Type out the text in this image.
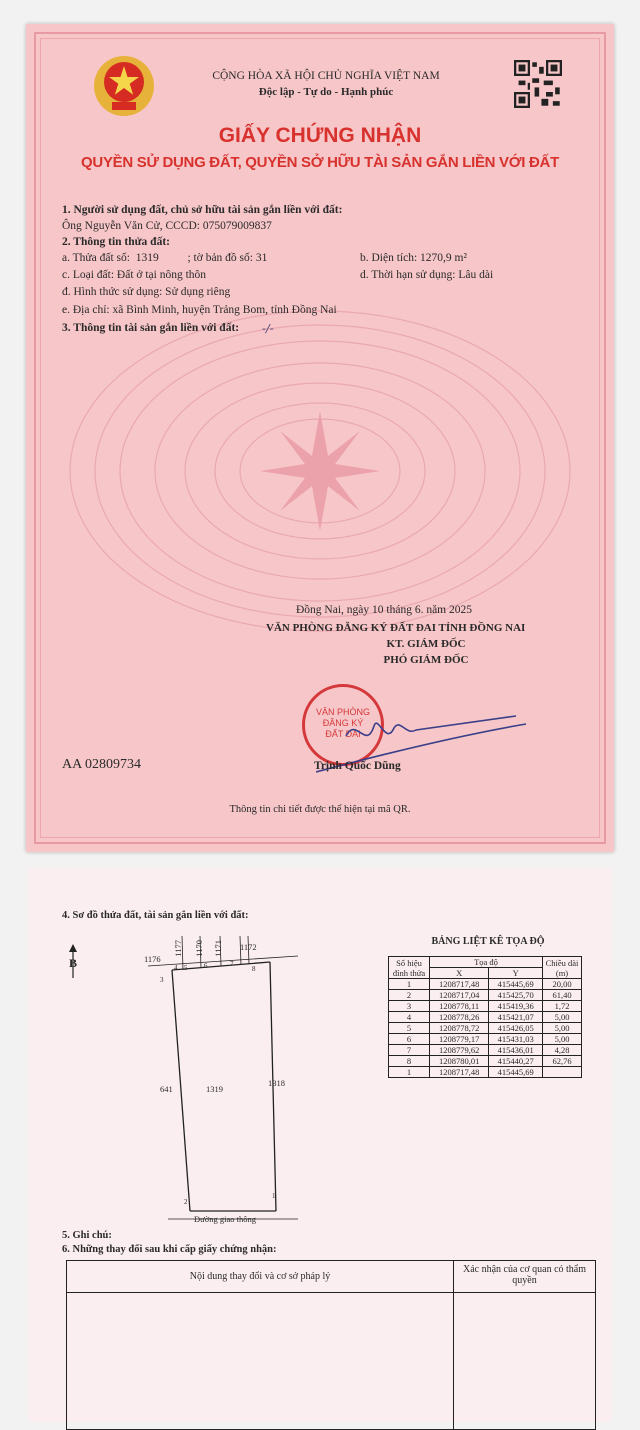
CỘNG HÒA XÃ HỘI CHỦ NGHĨA VIỆT NAM
Độc lập - Tự do - Hạnh phúc
GIẤY CHỨNG NHẬN
QUYỀN SỬ DỤNG ĐẤT, QUYỀN SỞ HỮU TÀI SẢN GẮN LIỀN VỚI ĐẤT
1. Người sử dụng đất, chủ sở hữu tài sản gắn liền với đất:
Ông Nguyễn Văn Cử, CCCD: 075079009837
2. Thông tin thửa đất:
a. Thửa đất số:  1319          ; tờ bản đồ số: 31	b. Diện tích: 1270,9 m²
c. Loại đất: Đất ở tại nông thôn	d. Thời hạn sử dụng: Lâu dài
đ. Hình thức sử dụng: Sử dụng riêng
e. Địa chỉ: xã Bình Minh, huyện Trảng Bom, tỉnh Đồng Nai
3. Thông tin tài sản gắn liền với đất: -/-
Đồng Nai, ngày 10 tháng 6. năm 2025
VĂN PHÒNG ĐĂNG KÝ ĐẤT ĐAI TỈNH ĐỒNG NAI
KT. GIÁM ĐỐC
PHÓ GIÁM ĐỐC
VĂN PHÒNG ĐĂNG KÝ ĐẤT ĐAI
Trịnh Quốc Dũng
AA 02809734
Thông tin chi tiết được thể hiện tại mã QR.
4. Sơ đồ thửa đất, tài sản gắn liền với đất:
B	1176
1177 1170 1171 1172
641	1319
1318
Đường giao thông
1
2
3
4 5 6	7
8
BẢNG LIỆT KÊ TỌA ĐỘ
Số hiệu đỉnh thửa	Tọa độ		Chiều dài (m)
	X	Y	
1	1208717,48	415445,69	20,00
2	1208717,04	415425,70	61,40
3	1208778,11	415419,36	1,72
4	1208778,26	415421,07	5,00
5	1208778,72	415426,05	5,00
6	1208779,17	415431,03	5,00
7	1208779,62	415436,01	4,28
8	1208780,01	415440,27	62,76
1	1208717,48	415445,69	
5. Ghi chú:
6. Những thay đổi sau khi cấp giấy chứng nhận:
Nội dung thay đổi và cơ sở pháp lý	Xác nhận của cơ quan có thẩm quyền
